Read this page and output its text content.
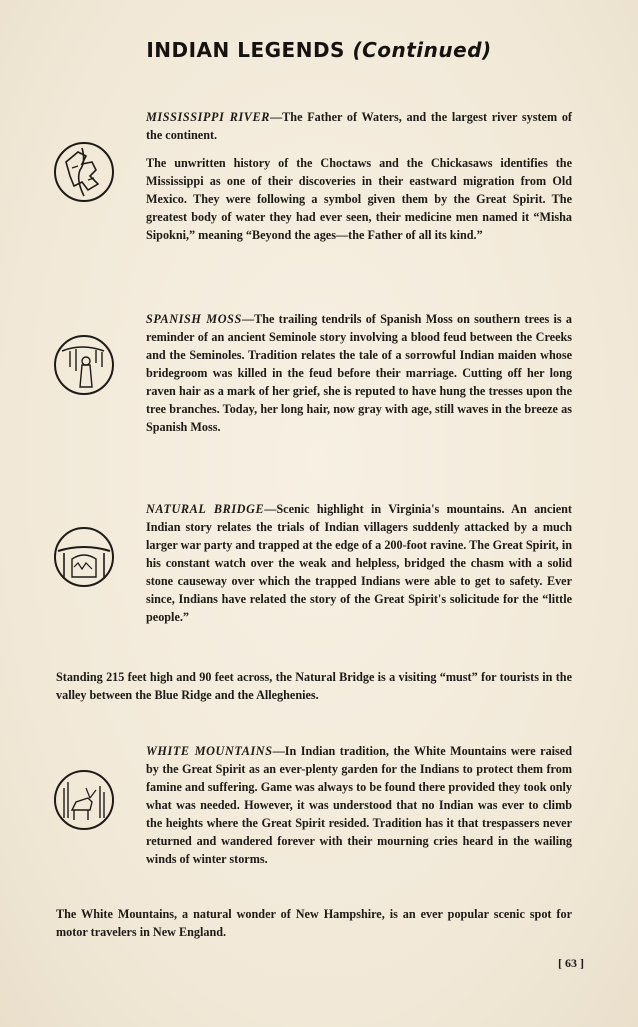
INDIAN LEGENDS (Continued)

MISSISSIPPI RIVER—The Father of Waters, and the largest river system of the continent.

The unwritten history of the Choctaws and the Chickasaws identifies the Mississippi as one of their discoveries in their eastward migration from Old Mexico. They were following a symbol given them by the Great Spirit. The greatest body of water they had ever seen, their medicine men named it “Misha Sipokni,” meaning “Beyond the ages—the Father of all its kind.”

SPANISH MOSS—The trailing tendrils of Spanish Moss on southern trees is a reminder of an ancient Seminole story involving a blood feud between the Creeks and the Seminoles. Tradition relates the tale of a sorrowful Indian maiden whose bridegroom was killed in the feud before their marriage. Cutting off her long raven hair as a mark of her grief, she is reputed to have hung the tresses upon the tree branches. Today, her long hair, now gray with age, still waves in the breeze as Spanish Moss.

NATURAL BRIDGE—Scenic highlight in Virginia's mountains. An ancient Indian story relates the trials of Indian villagers suddenly attacked by a much larger war party and trapped at the edge of a 200-foot ravine. The Great Spirit, in his constant watch over the weak and helpless, bridged the chasm with a solid stone causeway over which the trapped Indians were able to get to safety. Ever since, Indians have related the story of the Great Spirit's solicitude for the “little people.”

Standing 215 feet high and 90 feet across, the Natural Bridge is a visiting “must” for tourists in the valley between the Blue Ridge and the Alleghenies.

WHITE MOUNTAINS—In Indian tradition, the White Mountains were raised by the Great Spirit as an ever-plenty garden for the Indians to protect them from famine and suffering. Game was always to be found there provided they took only what was needed. However, it was understood that no Indian was ever to climb the heights where the Great Spirit resided. Tradition has it that trespassers never returned and wandered forever with their mourning cries heard in the wailing winds of winter storms.

The White Mountains, a natural wonder of New Hampshire, is an ever popular scenic spot for motor travelers in New England.
[ 63 ]
